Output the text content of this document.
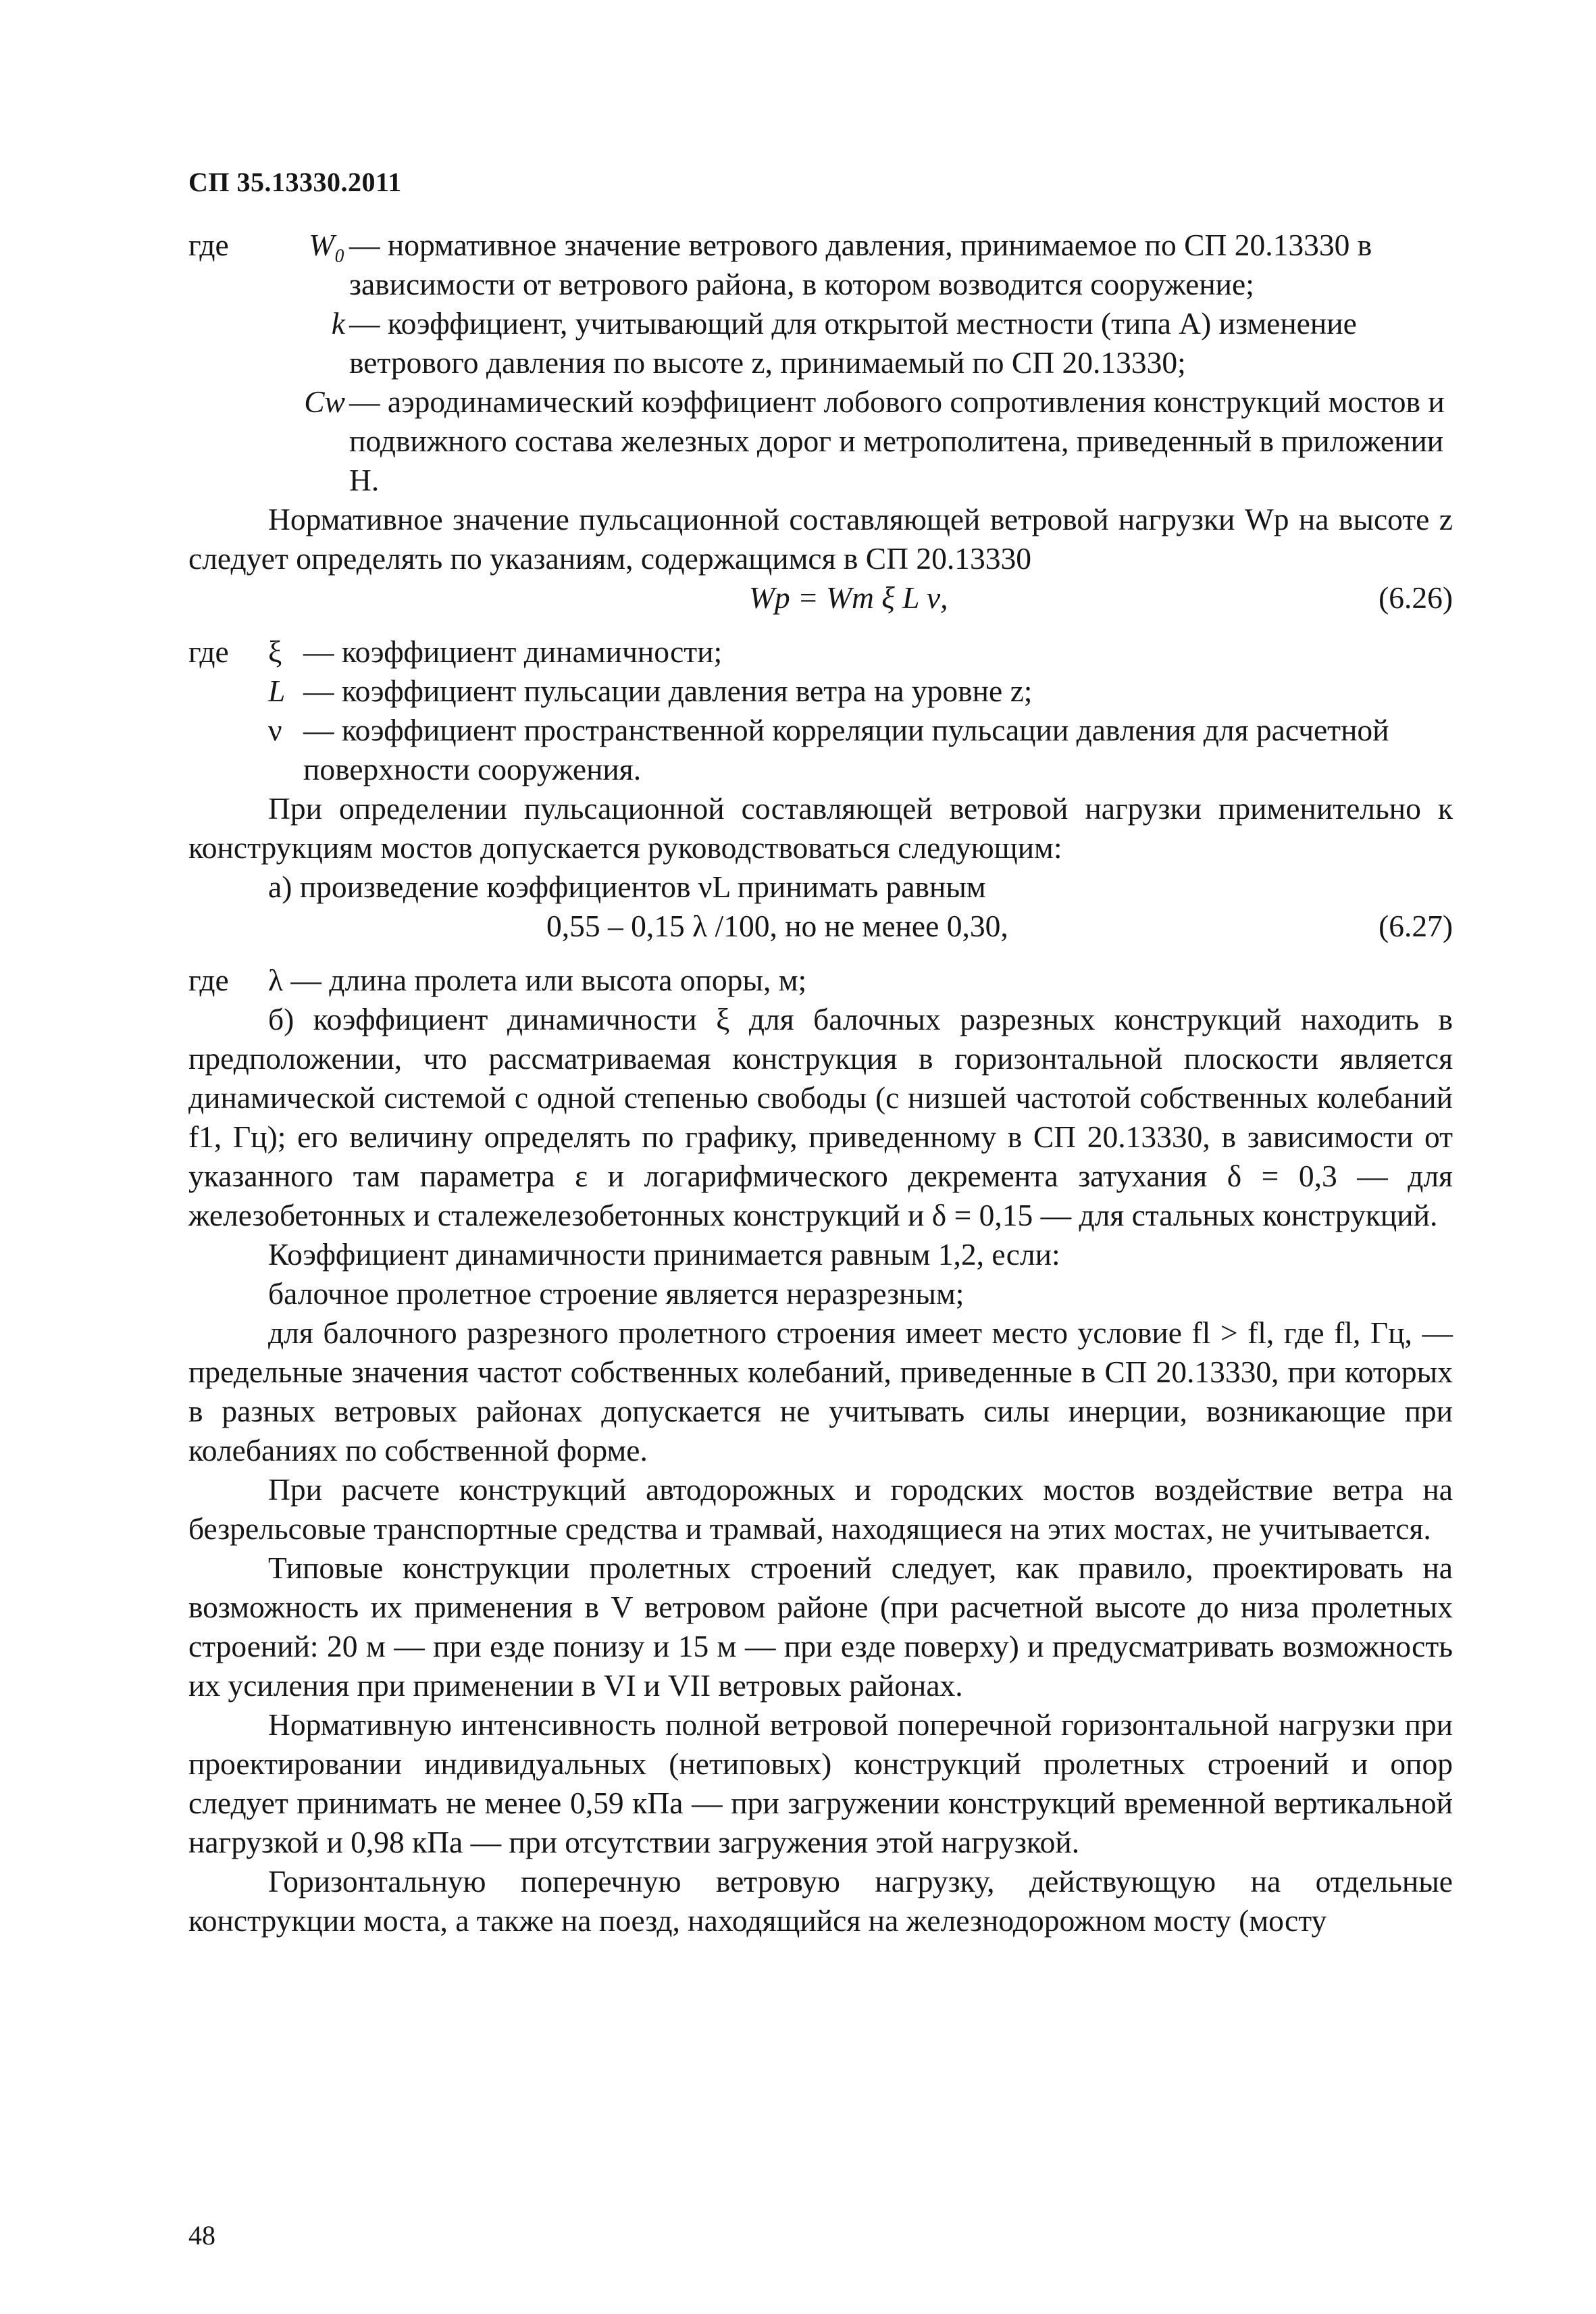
СП 35.13330.2011
где	W₀ — нормативное значение ветрового давления, принимаемое по СП 20.13330 в зависимости от ветрового района, в котором возводится сооружение;
k — коэффициент, учитывающий для открытой местности (типа А) изменение ветрового давления по высоте z, принимаемый по СП 20.13330;
Cw — аэродинамический коэффициент лобового сопротивления конструкций мостов и подвижного состава железных дорог и метрополитена, приведенный в приложении Н.

Нормативное значение пульсационной составляющей ветровой нагрузки Wp на высоте z следует определять по указаниям, содержащимся в СП 20.13330

Wp = Wm ξ L ν,	(6.26)
где	ξ — коэффициент динамичности;
L — коэффициент пульсации давления ветра на уровне z;
ν — коэффициент пространственной корреляции пульсации давления для расчетной поверхности сооружения.

При определении пульсационной составляющей ветровой нагрузки применительно к конструкциям мостов допускается руководствоваться следующим:

а) произведение коэффициентов νL принимать равным

0,55 – 0,15 λ /100, но не менее 0,30,	(6.27)
где	λ — длина пролета или высота опоры, м;

б) коэффициент динамичности ξ для балочных разрезных конструкций находить в предположении, что рассматриваемая конструкция в горизонтальной плоскости является динамической системой с одной степенью свободы (с низшей частотой собственных колебаний f1, Гц); его величину определять по графику, приведенному в СП 20.13330, в зависимости от указанного там параметра ε и логарифмического декремента затухания δ = 0,3 — для железобетонных и сталежелезобетонных конструкций и δ = 0,15 — для стальных конструкций.

Коэффициент динамичности принимается равным 1,2, если:

балочное пролетное строение является неразрезным;

для балочного разрезного пролетного строения имеет место условие fl > fl, где fl, Гц, — предельные значения частот собственных колебаний, приведенные в СП 20.13330, при которых в разных ветровых районах допускается не учитывать силы инерции, возникающие при колебаниях по собственной форме.

При расчете конструкций автодорожных и городских мостов воздействие ветра на безрельсовые транспортные средства и трамвай, находящиеся на этих мостах, не учитывается.

Типовые конструкции пролетных строений следует, как правило, проектировать на возможность их применения в V ветровом районе (при расчетной высоте до низа пролетных строений: 20 м — при езде понизу и 15 м — при езде поверху) и предусматривать возможность их усиления при применении в VI и VII ветровых районах.

Нормативную интенсивность полной ветровой поперечной горизонтальной нагрузки при проектировании индивидуальных (нетиповых) конструкций пролетных строений и опор следует принимать не менее 0,59 кПа — при загружении конструкций временной вертикальной нагрузкой и 0,98 кПа — при отсутствии загружения этой нагрузкой.

Горизонтальную поперечную ветровую нагрузку, действующую на отдельные конструкции моста, а также на поезд, находящийся на железнодорожном мосту (мосту

48
